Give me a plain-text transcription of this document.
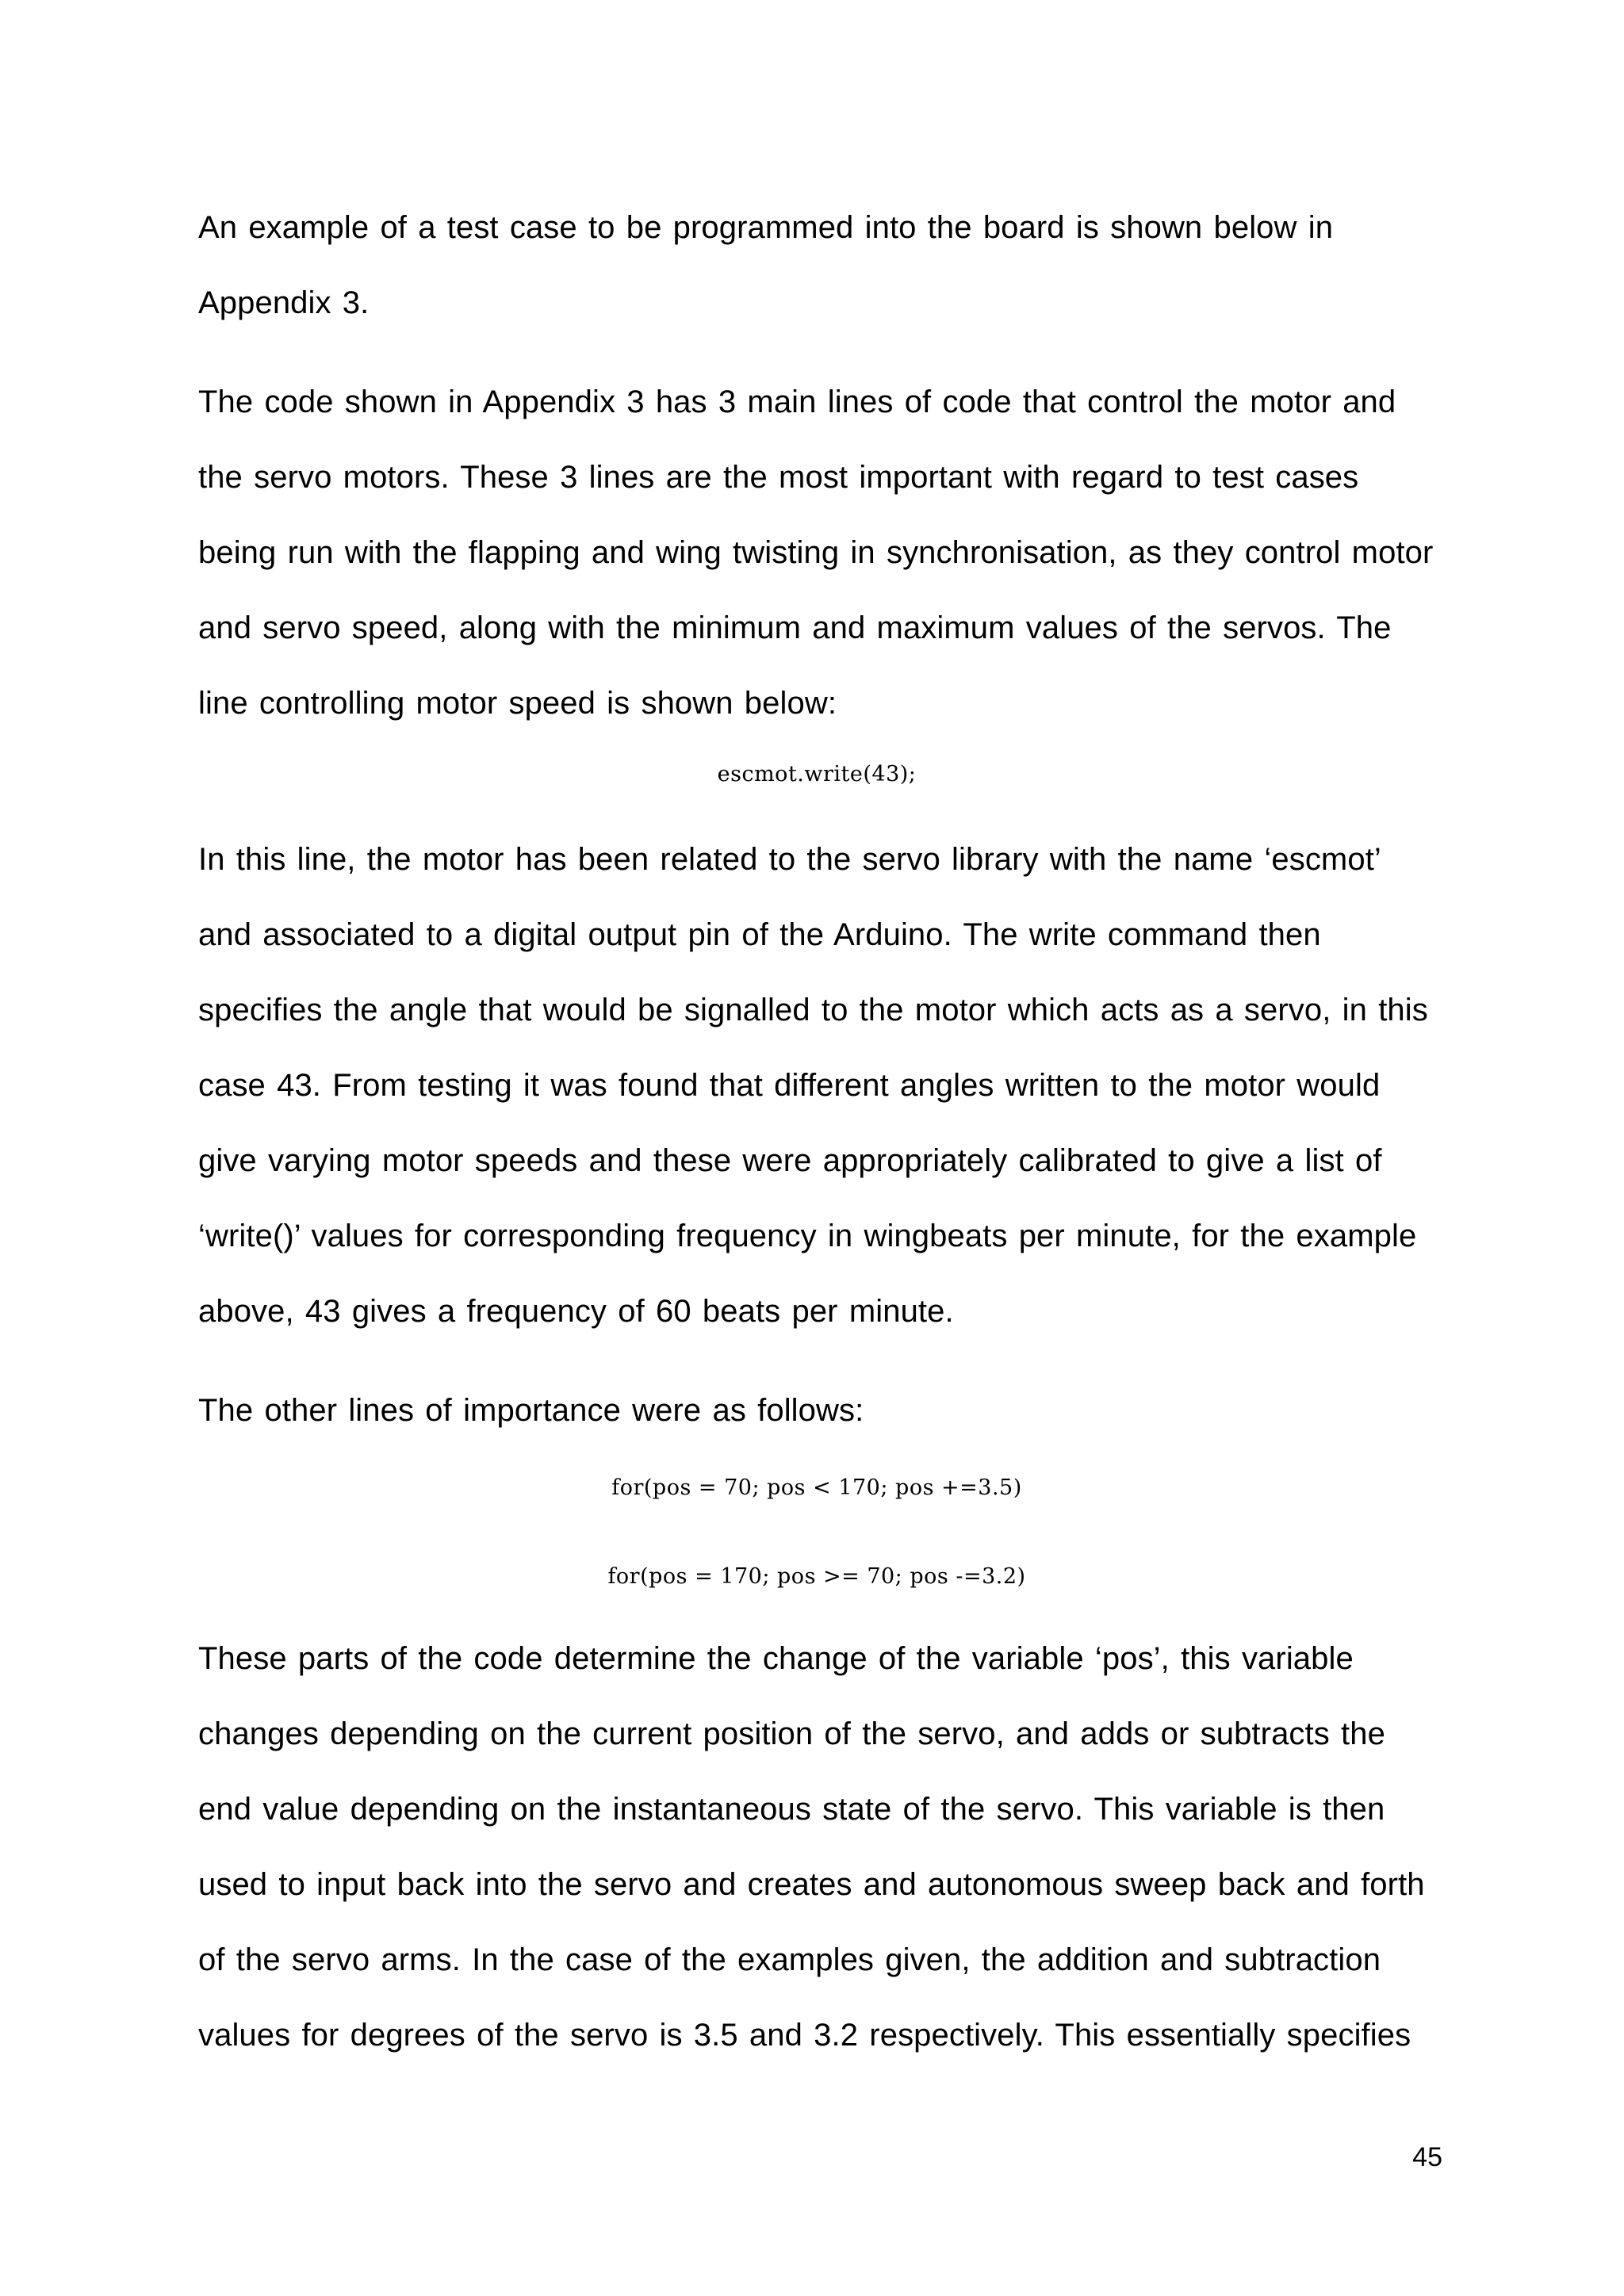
An example of a test case to be programmed into the board is shown below in Appendix 3.

The code shown in Appendix 3 has 3 main lines of code that control the motor and the servo motors. These 3 lines are the most important with regard to test cases being run with the flapping and wing twisting in synchronisation, as they control motor and servo speed, along with the minimum and maximum values of the servos. The line controlling motor speed is shown below:

escmot.write(43);

In this line, the motor has been related to the servo library with the name ‘escmot’ and associated to a digital output pin of the Arduino. The write command then specifies the angle that would be signalled to the motor which acts as a servo, in this case 43. From testing it was found that different angles written to the motor would give varying motor speeds and these were appropriately calibrated to give a list of ‘write()’ values for corresponding frequency in wingbeats per minute, for the example above, 43 gives a frequency of 60 beats per minute.

The other lines of importance were as follows:

for(pos = 70; pos < 170; pos +=3.5)

for(pos = 170; pos >= 70; pos -=3.2)

These parts of the code determine the change of the variable ‘pos’, this variable changes depending on the current position of the servo, and adds or subtracts the end value depending on the instantaneous state of the servo. This variable is then used to input back into the servo and creates and autonomous sweep back and forth of the servo arms. In the case of the examples given, the addition and subtraction values for degrees of the servo is 3.5 and 3.2 respectively. This essentially specifies

45
